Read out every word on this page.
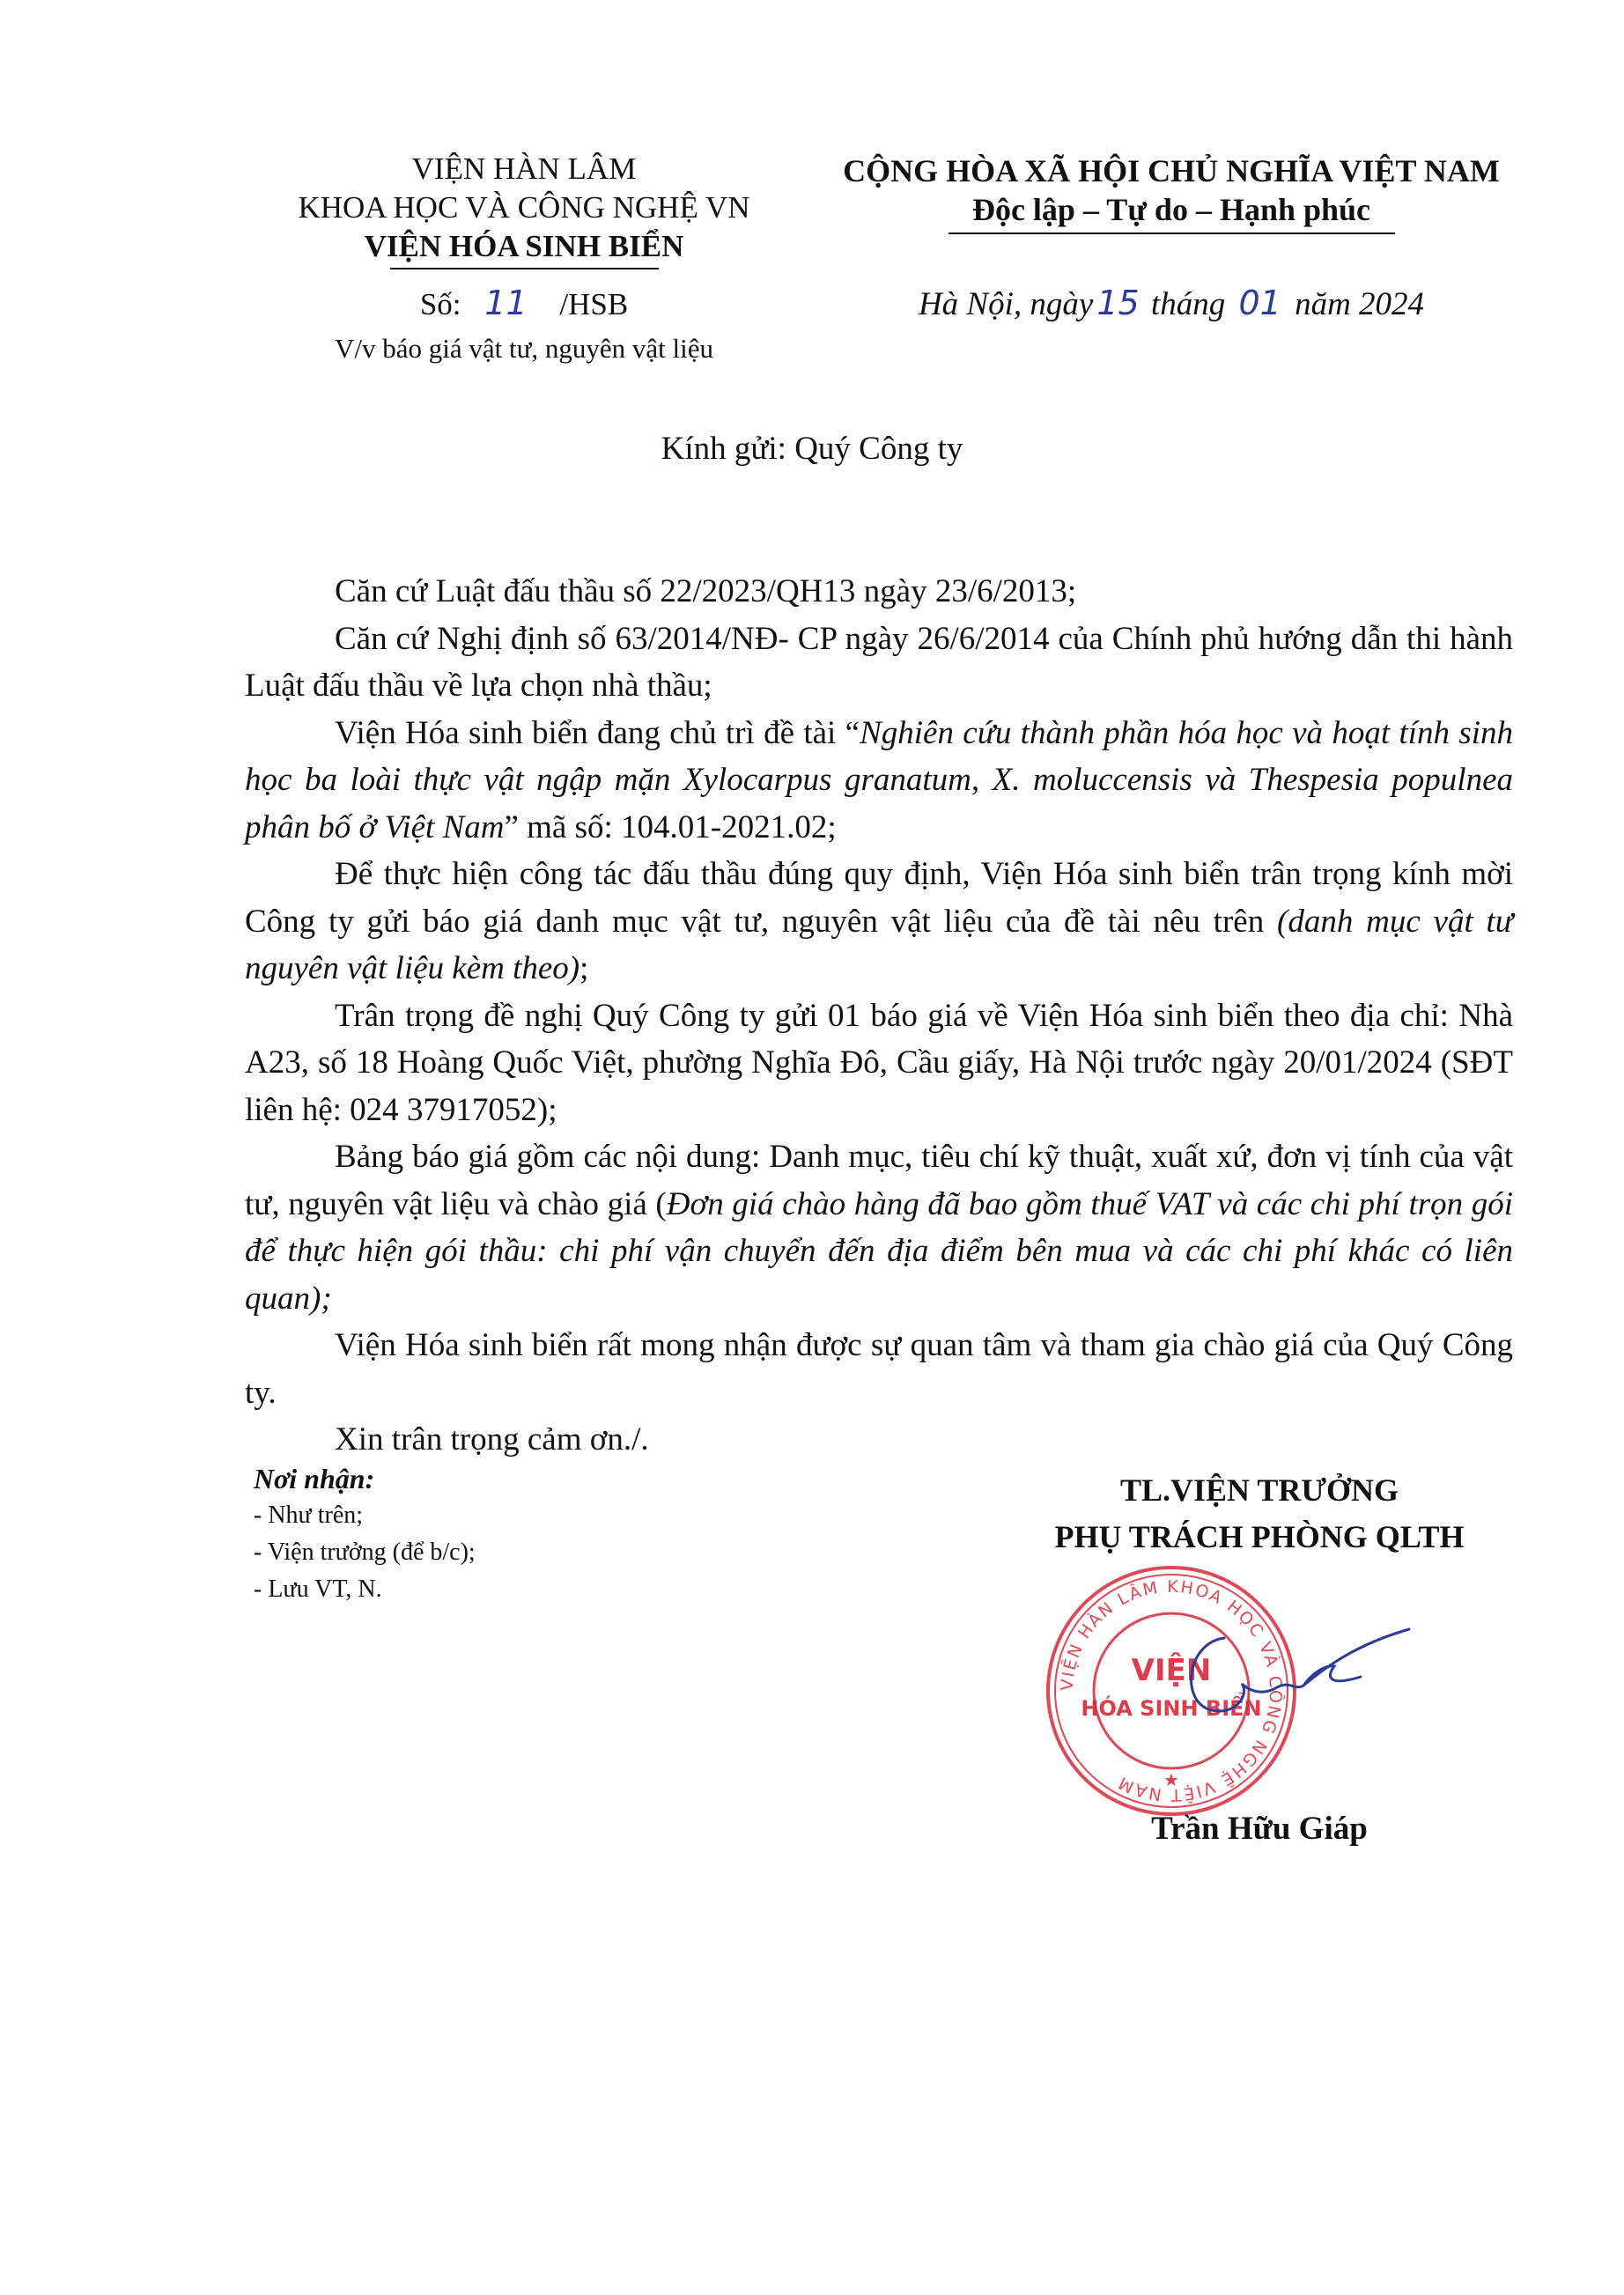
VIỆN HÀN LÂM
KHOA HỌC VÀ CÔNG NGHỆ VN
VIỆN HÓA SINH BIỂN
Số: 11 /HSB
V/v báo giá vật tư, nguyên vật liệu
CỘNG HÒA XÃ HỘI CHỦ NGHĨA VIỆT NAM
Độc lập – Tự do – Hạnh phúc
Hà Nội, ngày 15 tháng 01 năm 2024
Kính gửi: Quý Công ty

Căn cứ Luật đấu thầu số 22/2023/QH13 ngày 23/6/2013;

Căn cứ Nghị định số 63/2014/NĐ- CP ngày 26/6/2014 của Chính phủ hướng dẫn thi hành Luật đấu thầu về lựa chọn nhà thầu;

Viện Hóa sinh biển đang chủ trì đề tài “Nghiên cứu thành phần hóa học và hoạt tính sinh học ba loài thực vật ngập mặn Xylocarpus granatum, X. moluccensis và Thespesia populnea phân bố ở Việt Nam” mã số: 104.01-2021.02;

Để thực hiện công tác đấu thầu đúng quy định, Viện Hóa sinh biển trân trọng kính mời Công ty gửi báo giá danh mục vật tư, nguyên vật liệu của đề tài nêu trên (danh mục vật tư nguyên vật liệu kèm theo);

Trân trọng đề nghị Quý Công ty gửi 01 báo giá về Viện Hóa sinh biển theo địa chỉ: Nhà A23, số 18 Hoàng Quốc Việt, phường Nghĩa Đô, Cầu giấy, Hà Nội trước ngày 20/01/2024 (SĐT liên hệ: 024 37917052);

Bảng báo giá gồm các nội dung: Danh mục, tiêu chí kỹ thuật, xuất xứ, đơn vị tính của vật tư, nguyên vật liệu và chào giá (Đơn giá chào hàng đã bao gồm thuế VAT và các chi phí trọn gói để thực hiện gói thầu: chi phí vận chuyển đến địa điểm bên mua và các chi phí khác có liên quan);

Viện Hóa sinh biển rất mong nhận được sự quan tâm và tham gia chào giá của Quý Công ty.

Xin trân trọng cảm ơn./.

Nơi nhận:
- Như trên;
- Viện trưởng (để b/c);
- Lưu VT, N.
TL.VIỆN TRƯỞNG
PHỤ TRÁCH PHÒNG QLTH
VIỆN HÀN LÂM KHOA HỌC VÀ CÔNG NGHỆ VIỆT NAM
VIỆN
HÓA SINH BIỂN
★
Trần Hữu Giáp
